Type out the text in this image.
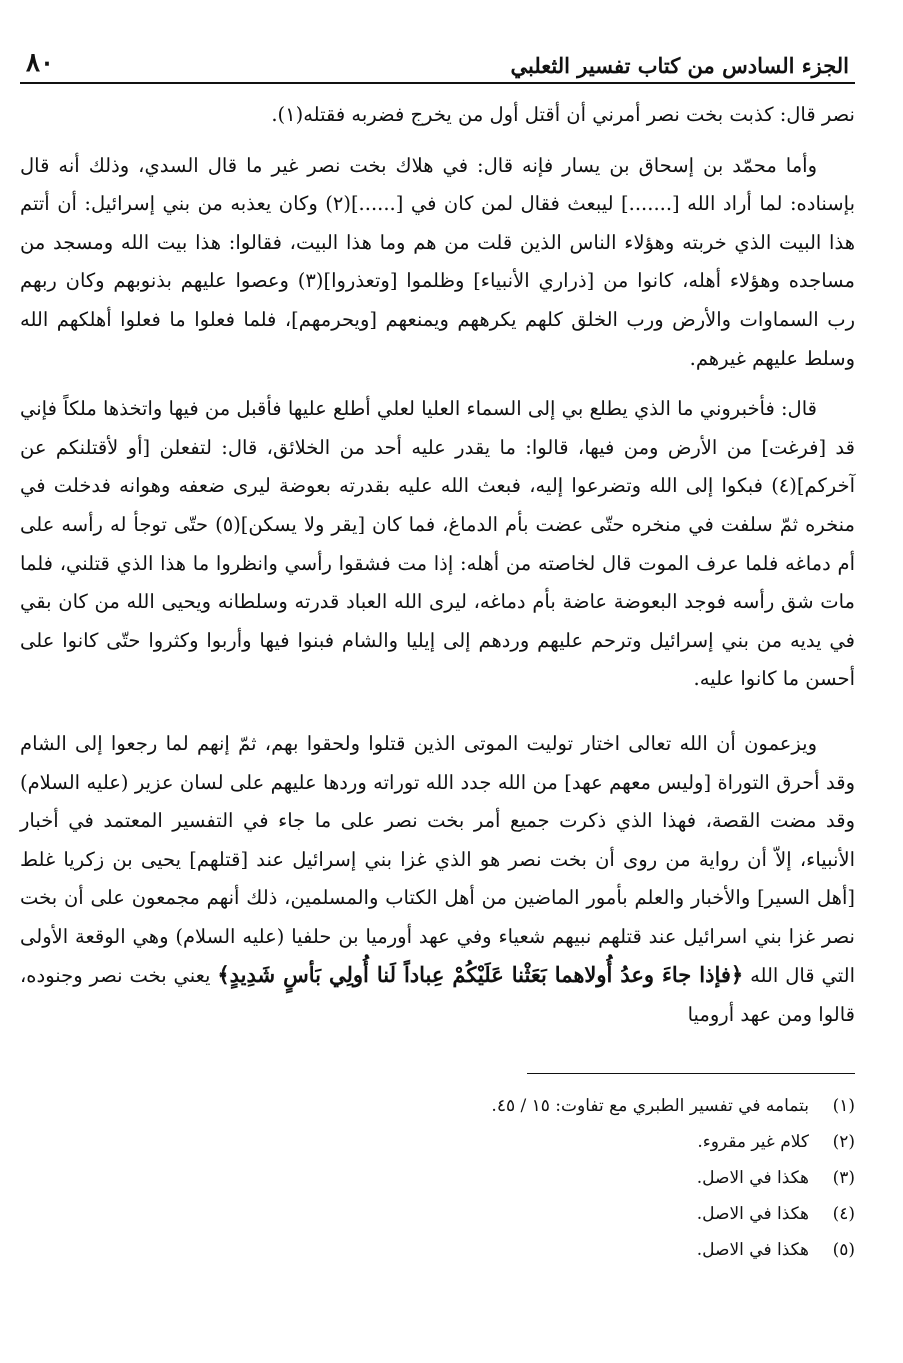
الجزء السادس من كتاب تفسير الثعلبي
٨٠

نصر قال: كذبت بخت نصر أمرني أن أقتل أول من يخرج فضربه فقتله(١).

وأما محمّد بن إسحاق بن يسار فإنه قال: في هلاك بخت نصر غير ما قال السدي، وذلك أنه قال بإسناده: لما أراد الله [.......] ليبعث فقال لمن كان في [......](٢) وكان يعذبه من بني إسرائيل: أن أتتم هذا البيت الذي خربته وهؤلاء الناس الذين قلت من هم وما هذا البيت، فقالوا: هذا بيت الله ومسجد من مساجده وهؤلاء أهله، كانوا من [ذراري الأنبياء] وظلموا [وتعذروا](٣) وعصوا عليهم بذنوبهم وكان ربهم رب السماوات والأرض ورب الخلق كلهم يكرههم ويمنعهم [ويحرمهم]، فلما فعلوا ما فعلوا أهلكهم الله وسلط عليهم غيرهم.

قال: فأخبروني ما الذي يطلع بي إلى السماء العليا لعلي أطلع عليها فأقبل من فيها واتخذها ملكاً فإني قد [فرغت] من الأرض ومن فيها، قالوا: ما يقدر عليه أحد من الخلائق، قال: لتفعلن [أو لأقتلنكم عن آخركم](٤) فبكوا إلى الله وتضرعوا إليه، فبعث الله عليه بقدرته بعوضة ليرى ضعفه وهوانه فدخلت في منخره ثمّ سلفت في منخره حتّى عضت بأم الدماغ، فما كان [يقر ولا يسكن](٥) حتّى توجأ له رأسه على أم دماغه فلما عرف الموت قال لخاصته من أهله: إذا مت فشقوا رأسي وانظروا ما هذا الذي قتلني، فلما مات شق رأسه فوجد البعوضة عاضة بأم دماغه، ليرى الله العباد قدرته وسلطانه ويحيى الله من كان بقي في يديه من بني إسرائيل وترحم عليهم وردهم إلى إيليا والشام فبنوا فيها وأربوا وكثروا حتّى كانوا على أحسن ما كانوا عليه.

ويزعمون أن الله تعالى اختار توليت الموتى الذين قتلوا ولحقوا بهم، ثمّ إنهم لما رجعوا إلى الشام وقد أحرق التوراة [وليس معهم عهد] من الله جدد الله توراته وردها عليهم على لسان عزير (عليه السلام) وقد مضت القصة، فهذا الذي ذكرت جميع أمر بخت نصر على ما جاء في التفسير المعتمد في أخبار الأنبياء، إلاّ أن رواية من روى أن بخت نصر هو الذي غزا بني إسرائيل عند [قتلهم] يحيى بن زكريا غلط [أهل السير] والأخبار والعلم بأمور الماضين من أهل الكتاب والمسلمين، ذلك أنهم مجمعون على أن بخت نصر غزا بني اسرائيل عند قتلهم نبيهم شعياء وفي عهد أورميا بن حلفيا (عليه السلام) وهي الوقعة الأولى التي قال الله ﴿فإذا جاءَ وعدُ أُولاهما بَعَثْنا عَلَيْكُمْ عِباداً لَنا أُولِي بَأسٍ شَدِيدٍ﴾ يعني بخت نصر وجنوده، قالوا ومن عهد أروميا

(١)
بتمامه في تفسير الطبري مع تفاوت: ١٥ / ٤٥.
(٢)
كلام غير مقروء.
(٣)
هكذا في الاصل.
(٤)
هكذا في الاصل.
(٥)
هكذا في الاصل.
